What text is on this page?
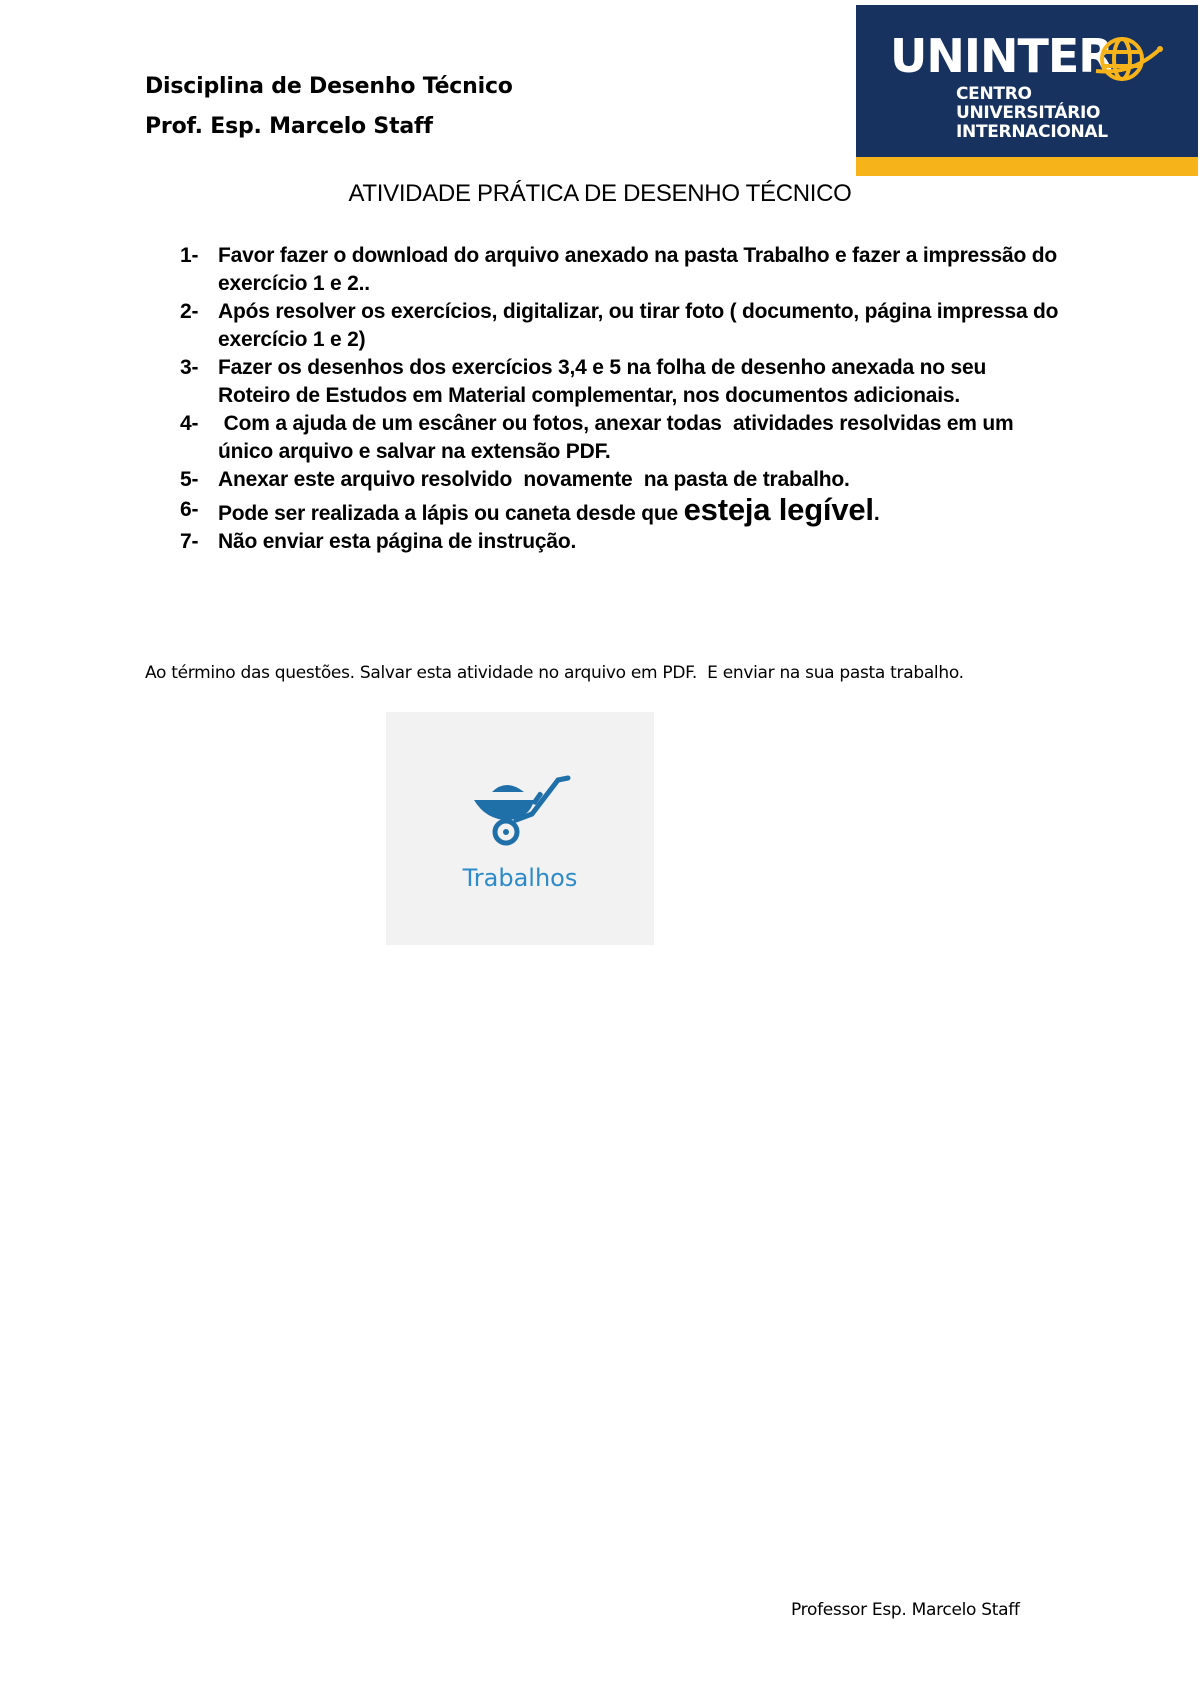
Disciplina de Desenho Técnico
Prof. Esp. Marcelo Staff
UNINTER
CENTRO
UNIVERSITÁRIO
INTERNACIONAL
ATIVIDADE PRÁTICA DE DESENHO TÉCNICO
1- Favor fazer o download do arquivo anexado na pasta Trabalho e fazer a impressão do exercício 1 e 2..
2- Após resolver os exercícios, digitalizar, ou tirar foto ( documento, página impressa do exercício 1 e 2)
3- Fazer os desenhos dos exercícios 3,4 e 5 na folha de desenho anexada no seu Roteiro de Estudos em Material complementar, nos documentos adicionais.
4- Com a ajuda de um escâner ou fotos, anexar todas  atividades resolvidas em um único arquivo e salvar na extensão PDF.
5- Anexar este arquivo resolvido  novamente  na pasta de trabalho.
6- Pode ser realizada a lápis ou caneta desde que esteja legível.
7- Não enviar esta página de instrução.
Ao término das questões. Salvar esta atividade no arquivo em PDF.  E enviar na sua pasta trabalho.
Trabalhos
Professor Esp. Marcelo Staff
